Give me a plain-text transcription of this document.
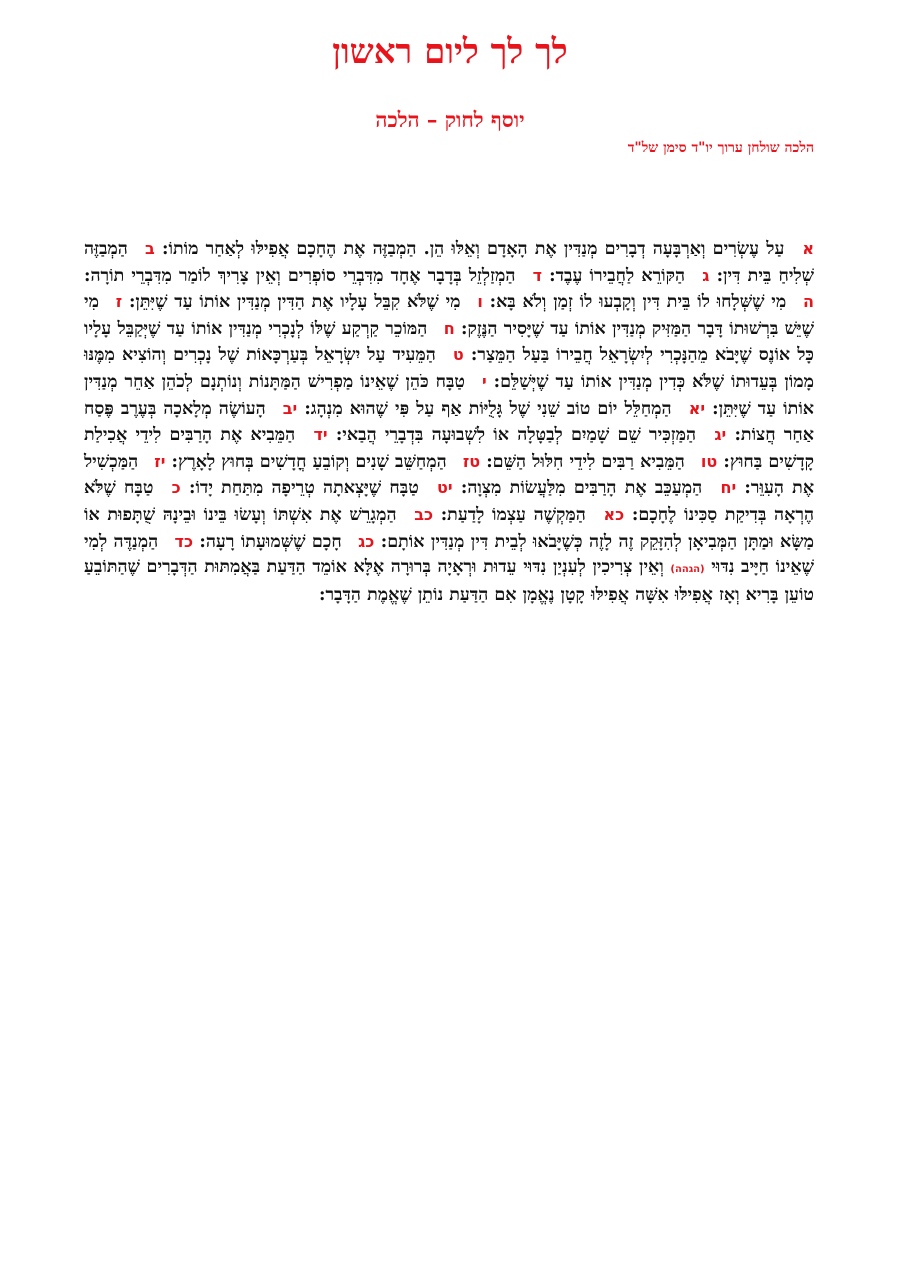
לך לך ליום ראשון
יוסף לחוק – הלכה
הלכה שולחן ערוך יו"ד סימן של"ד

אעַל עֶשְׂרִים וְאַרְבָּעָה דְבָרִים מְנַדִּין אֶת הָאָדָם וְאֵלּוּ הֵן. הַמְבַזֶּה אֶת הֶחָכָם אֲפִילּוּ לְאַחַר מוֹתוֹ: ב הַמְבַזֶּה שְׁלִיחַ בֵּית דִּין: ג הַקּוֹרֵא לַחֲבֵירוֹ עֶבֶד: ד הַמְזַלְזֵל בְּדָבָר אֶחָד מִדִּבְרֵי סוֹפְרִים וְאֵין צָרִיךְ לוֹמַר מִדִּבְרֵי תוֹרָה: ה מִי שֶׁשְּׁלָחוּ לוֹ בֵּית דִּין וְקָבְעוּ לוֹ זְמַן וְלֹא בָּא: ו מִי שֶׁלֹּא קִבֵּל עָלָיו אֶת הַדִּין מְנַדִּין אוֹתוֹ עַד שֶׁיִּתֵּן: ז מִי שֶׁיֵּשׁ בִּרְשׁוּתוֹ דָּבָר הַמַּזִּיק מְנַדִּין אוֹתוֹ עַד שֶׁיָּסִיר הַנֶּזֶק: ח הַמּוֹכֵר קַרְקַע שֶׁלּוֹ לְנָכְרִי מְנַדִּין אוֹתוֹ עַד שֶׁיְּקַבֵּל עָלָיו כָּל אוֹנֶס שֶׁיָּבֹא מֵהַנָּכְרִי לְיִשְׂרָאֵל חֲבֵירוֹ בַּעַל הַמֵּצַר: ט הַמֵּעִיד עַל יִשְׂרָאֵל בְּעַרְכָּאוֹת שֶׁל נָכְרִים וְהוֹצִיא מִמֶּנּוּ מָמוֹן בְּעֵדוּתוֹ שֶׁלֹּא כְּדִין מְנַדִּין אוֹתוֹ עַד שֶׁיְּשַׁלֵּם: י טַבָּח כֹּהֵן שֶׁאֵינוֹ מַפְרִישׁ הַמַּתָּנוֹת וְנוֹתְנָם לְכֹהֵן אַחֵר מְנַדִּין אוֹתוֹ עַד שֶׁיִּתֵּן: יא הַמְחַלֵּל יוֹם טוֹב שֵׁנִי שֶׁל גָּלֻיּוֹת אַף עַל פִּי שֶׁהוּא מִנְהָג: יב הָעוֹשֶׂה מְלָאכָה בְּעֶרֶב פֶּסַח אַחַר חֲצוֹת: יג הַמַּזְכִּיר שֵׁם שָׁמַיִם לְבַטָּלָה אוֹ לִשְׁבוּעָה בִּדְבָרֵי הֲבַאי: יד הַמֵּבִיא אֶת הָרַבִּים לִידֵי אֲכִילַת קָדָשִׁים בַּחוּץ: טו הַמֵּבִיא רַבִּים לִידֵי חִלּוּל הַשֵּׁם: טז הַמְחַשֵּׁב שָׁנִים וְקוֹבֵעַ חֳדָשִׁים בְּחוּץ לָאָרֶץ: יז הַמַּכְשִׁיל אֶת הָעִוֵּר: יח הַמְעַכֵּב אֶת הָרַבִּים מִלַּעֲשׂוֹת מִצְוָה: יט טַבָּח שֶׁיָּצְאתָה טְרֵיפָה מִתַּחַת יָדוֹ: כ טַבָּח שֶׁלֹּא הֶרְאָה בְּדִיקַת סַכִּינוֹ לֶחָכָם: כא הַמַּקְשֶׁה עַצְמוֹ לָדַעַת: כב הַמְגָרֵשׁ אֶת אִשְׁתּוֹ וְעָשׂוּ בֵּינוֹ וּבֵינָהּ שֻׁתָּפוּת אוֹ מַשָּׂא וּמַתָּן הַמְּבִיאָן לְהִזָּקֵק זֶה לָזֶה כְּשֶׁיָּבֹאוּ לְבֵית דִּין מְנַדִּין אוֹתָם: כג חָכָם שֶׁשְּׁמוּעָתוֹ רָעָה: כד הַמְנַדֶּה לְמִי שֶׁאֵינוֹ חַיָּיב נִדּוּי (הגהה) וְאֵין צְרִיכִין לְעִנְיַן נִדּוּי עֵדוּת וּרְאָיָה בְּרוּרָה אֶלָּא אוֹמֵד הַדַּעַת בַּאֲמִתּוּת הַדְּבָרִים שֶׁהַתּוֹבֵעַ טוֹעֵן בָּרִיא וְאָז אֲפִילּוּ אִשָּׁה אֲפִילּוּ קָטָן נֶאֱמָן אִם הַדַּעַת נוֹתֵן שֶׁאֱמֶת הַדָּבָר:
